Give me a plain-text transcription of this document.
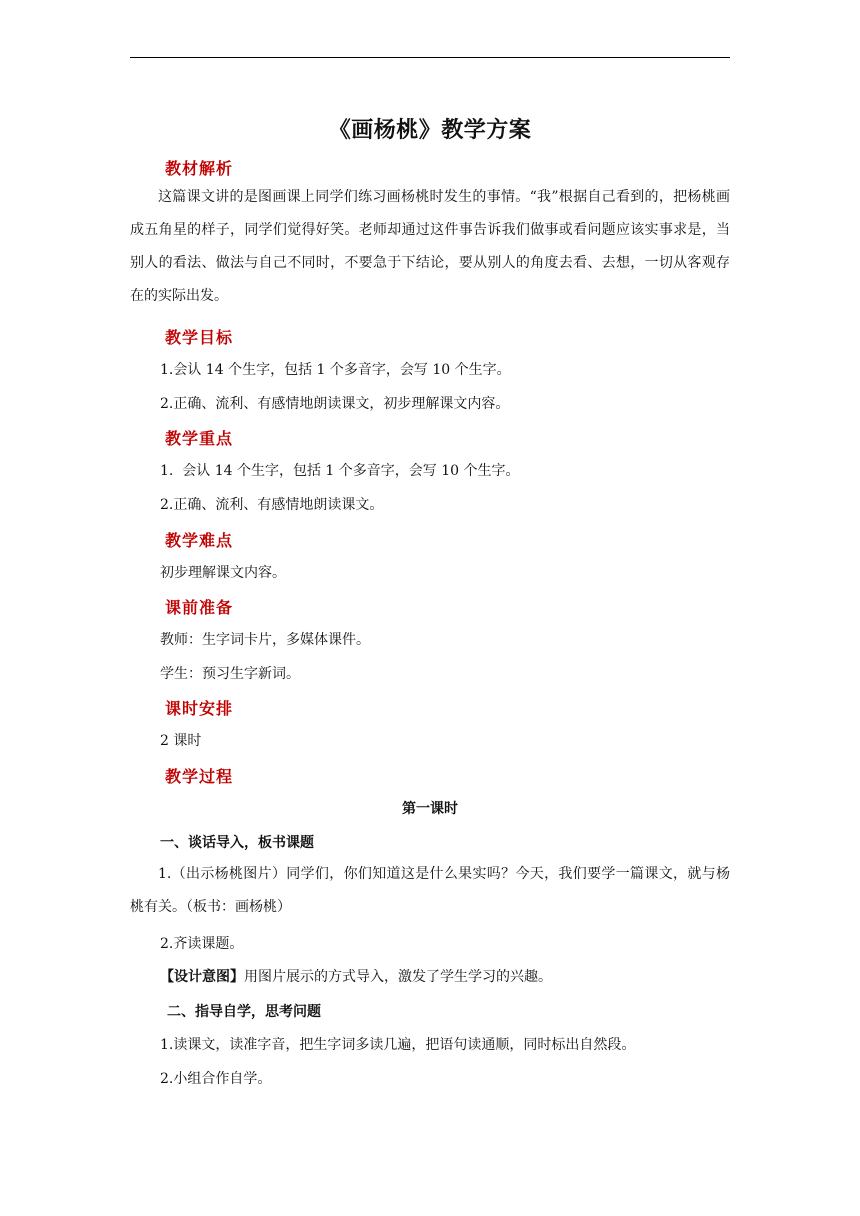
《画杨桃》教学方案
教材解析
这篇课文讲的是图画课上同学们练习画杨桃时发生的事情。“我”根据自己看到的，把杨桃画成五角星的样子，同学们觉得好笑。老师却通过这件事告诉我们做事或看问题应该实事求是，当别人的看法、做法与自己不同时，不要急于下结论，要从别人的角度去看、去想，一切从客观存在的实际出发。
教学目标
1.会认 14 个生字，包括 1 个多音字，会写 10 个生字。
2.正确、流利、有感情地朗读课文，初步理解课文内容。
教学重点
1.  会认 14 个生字，包括 1 个多音字，会写 10 个生字。
2.正确、流利、有感情地朗读课文。
教学难点
初步理解课文内容。
课前准备
教师：生字词卡片，多媒体课件。
学生：预习生字新词。
课时安排
2 课时
教学过程
第一课时
一、谈话导入，板书课题
1.（出示杨桃图片）同学们，你们知道这是什么果实吗？今天，我们要学一篇课文，就与杨桃有关。（板书：画杨桃）
2.齐读课题。
【设计意图】用图片展示的方式导入，激发了学生学习的兴趣。
二、指导自学，思考问题
1.读课文，读准字音，把生字词多读几遍，把语句读通顺，同时标出自然段。
2.小组合作自学。
